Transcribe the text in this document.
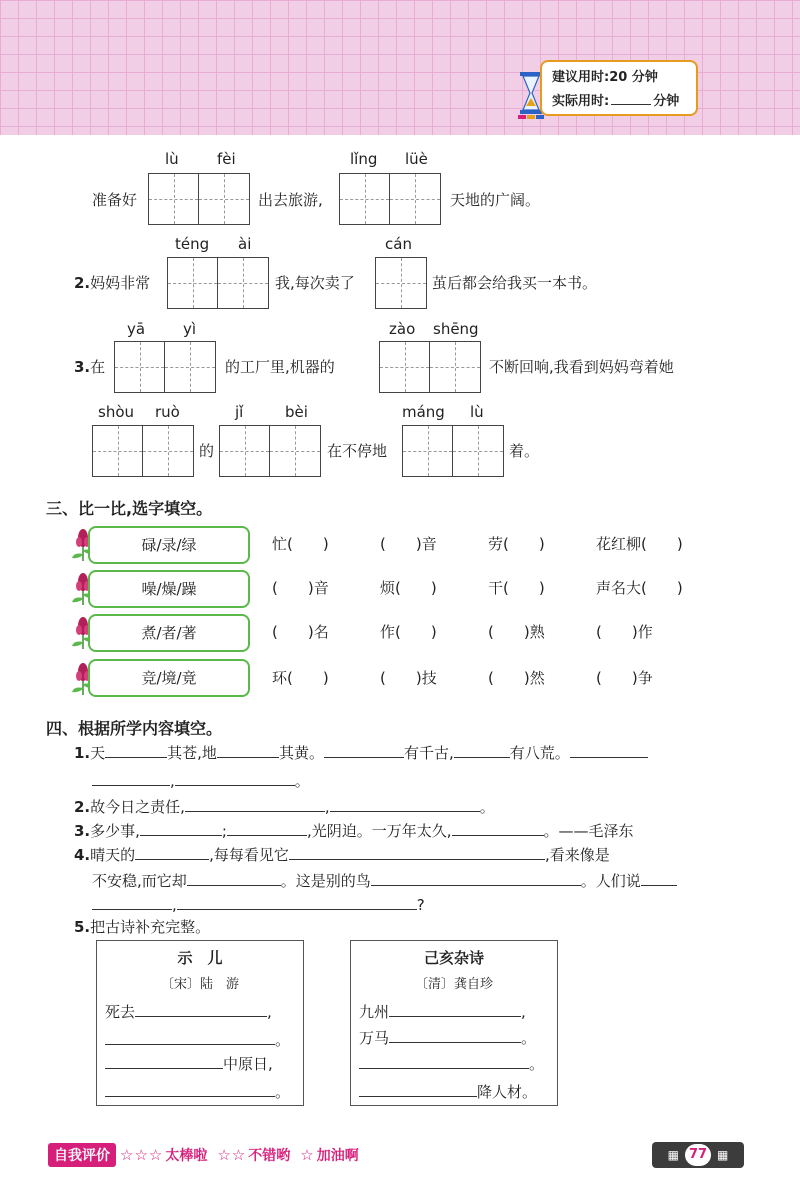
建议用时:20 分钟
实际用时:	分钟
lù	fèi	lǐng lüè
准备好	出去旅游,	天地的广阔。
téng ài	cán
2.妈妈非常	我,每次卖了	茧后都会给我买一本书。
yā	yì	zào shēng
3.在	的工厂里,机器的	不断回响,我看到妈妈弯着她
shòu ruò	jǐ	bèi	máng lù
的	在不停地	着。
三、比一比,选字填空。
碌/录/绿	忙(　　)	(　　)音	劳(　　)	花红柳(　　)
噪/燥/躁	(　　)音	烦(　　)	干(　　)	声名大(　　)
煮/者/著	(　　)名	作(　　)	(　　)熟	(　　)作
竞/境/竟	环(　　)	(　　)技	(　　)然	(　　)争
四、根据所学内容填空。
1.天	其苍,地	其黄。	有千古,	有八荒。
,	。
2.故今日之责任,	,	。
3.多少事,	;	,光阴迫。一万年太久,	。——毛泽东
4.晴天的	,每每看见它	,看来像是
不安稳,而它却	。这是别的鸟	。人们说
,	?
5.把古诗补充完整。
示　儿
〔宋〕陆　游
死去	,
。
中原日,
。
己亥杂诗
〔清〕龚自珍
九州	,
万马	。
。
降人材。
自我评价 ☆☆☆ 太棒啦 ☆☆ 不错哟 ☆ 加油啊	▦ 77 ▦
